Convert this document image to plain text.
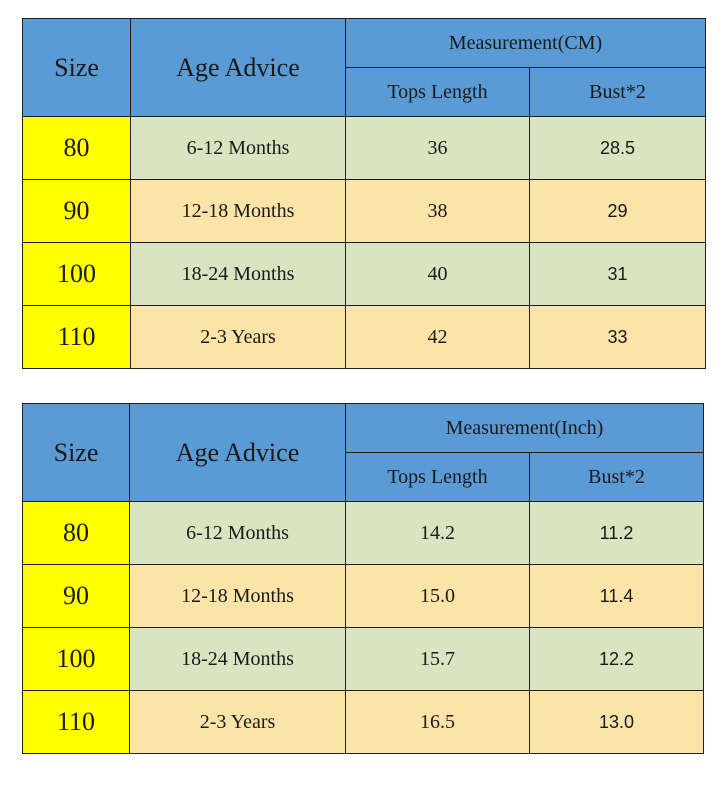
Size	Age Advice	Measurement(CM)	
		Tops Length	Bust*2
80	6-12 Months	36	28.5
90	12-18 Months	38	29
100	18-24 Months	40	31
110	2-3 Years	42	33
Size	Age Advice	Measurement(Inch)	
		Tops Length	Bust*2
80	6-12 Months	14.2	11.2
90	12-18 Months	15.0	11.4
100	18-24 Months	15.7	12.2
110	2-3 Years	16.5	13.0
